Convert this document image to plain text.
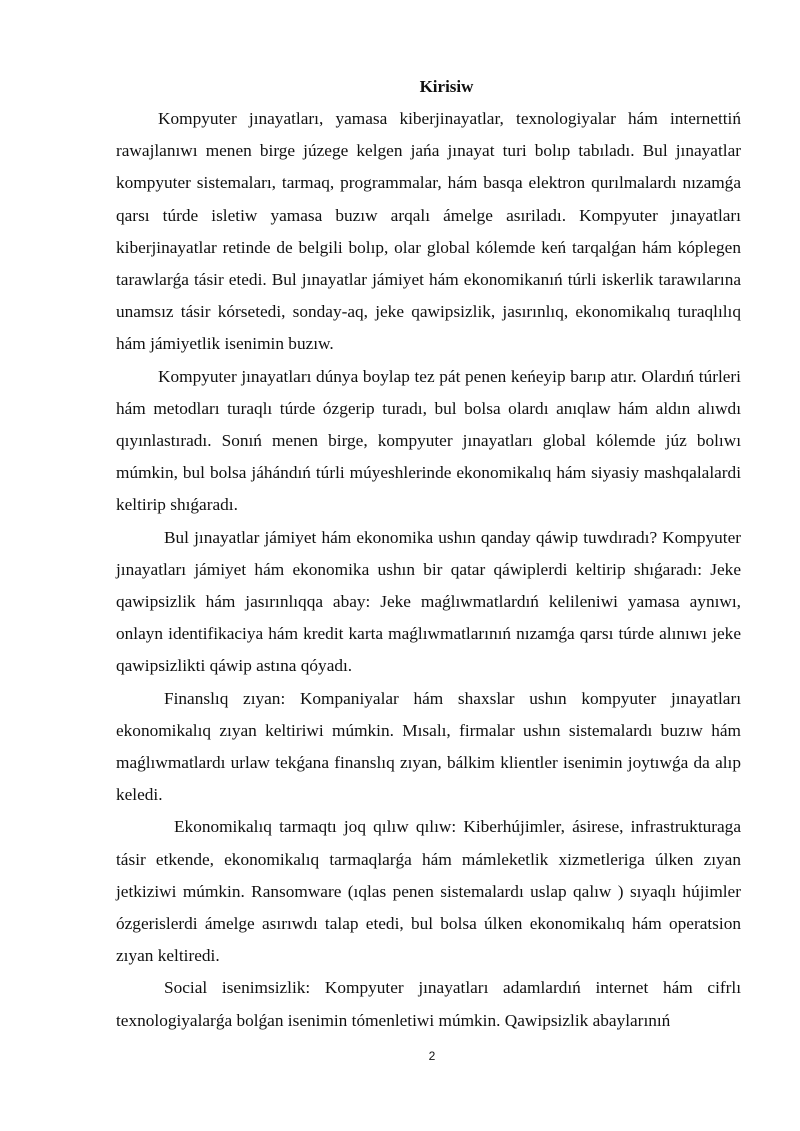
Kirisiw

Kompyuter jınayatları, yamasa kiberjinayatlar, texnologiyalar hám internettiń rawajlanıwı menen birge júzege kelgen jańa jınayat turi bolıp tabıladı. Bul jınayatlar kompyuter sistemaları, tarmaq, programmalar, hám basqa elektron qurılmalardı nızamǵa qarsı túrde isletiw yamasa buzıw arqalı ámelge asıriladı. Kompyuter jınayatları kiberjinayatlar retinde de belgili bolıp, olar global kólemde keń tarqalǵan hám kóplegen tarawlarǵa tásir etedi. Bul jınayatlar jámiyet hám ekonomikanıń túrli iskerlik tarawılarına unamsız tásir kórsetedi, sonday-aq, jeke qawipsizlik, jasırınlıq, ekonomikalıq turaqlılıq hám jámiyetlik isenimin buzıw.

Kompyuter jınayatları dúnya boylap tez pát penen keńeyip barıp atır. Olardıń túrleri hám metodları turaqlı túrde ózgerip turadı, bul bolsa olardı anıqlaw hám aldın alıwdı qıyınlastıradı. Sonıń menen birge, kompyuter jınayatları global kólemde júz bolıwı múmkin, bul bolsa jáhándıń túrli múyeshlerinde ekonomikalıq hám siyasiy mashqalalardi keltirip shıǵaradı.

Bul jınayatlar jámiyet hám ekonomika ushın qanday qáwip tuwdıradı? Kompyuter jınayatları jámiyet hám ekonomika ushın bir qatar qáwiplerdi keltirip shıǵaradı: Jeke qawipsizlik hám jasırınlıqqa abay: Jeke maǵlıwmatlardıń kelileniwi yamasa aynıwı, onlayn identifikaciya hám kredit karta maǵlıwmatlarınıń nızamǵa qarsı túrde alınıwı jeke qawipsizlikti qáwip astına qóyadı.

Finanslıq zıyan: Kompaniyalar hám shaxslar ushın kompyuter jınayatları ekonomikalıq zıyan keltiriwi múmkin. Mısalı, firmalar ushın sistemalardı buzıw hám maǵlıwmatlardı urlaw tekǵana finanslıq zıyan, bálkim klientler isenimin joytıwǵa da alıp keledi.

Ekonomikalıq tarmaqtı joq qılıw qılıw: Kiberhújimler, ásirese, infrastrukturaga tásir etkende, ekonomikalıq tarmaqlarǵa hám mámleketlik xizmetleriga úlken zıyan jetkiziwi múmkin. Ransomware (ıqlas penen sistemalardı uslap qalıw ) sıyaqlı hújimler ózgerislerdi ámelge asırıwdı talap etedi, bul bolsa úlken ekonomikalıq hám operatsion zıyan keltiredi.

Social isenimsizlik: Kompyuter jınayatları adamlardıń internet hám cifrlı texnologiyalarǵa bolǵan isenimin tómenletiwi múmkin. Qawipsizlik abaylarınıń

2
